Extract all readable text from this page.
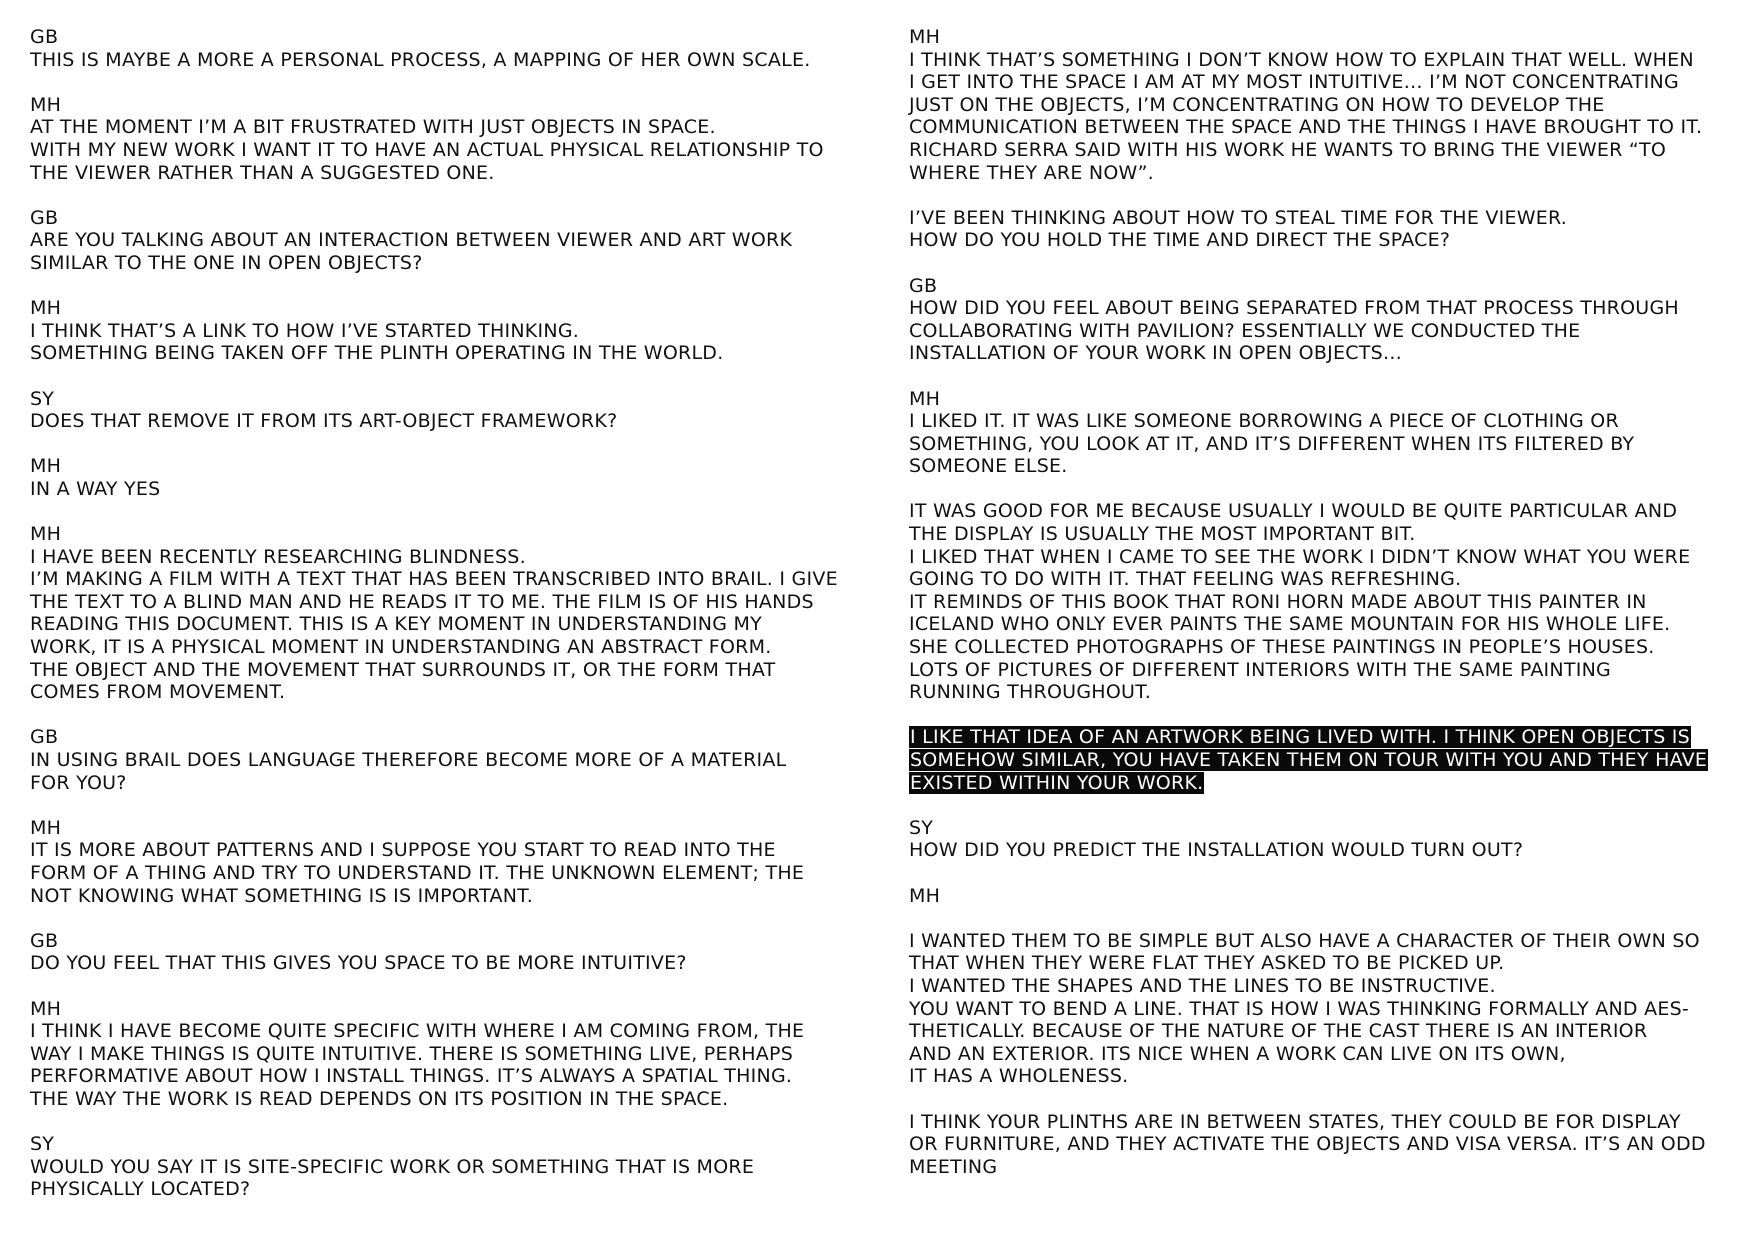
GB
THIS IS MAYBE A MORE A PERSONAL PROCESS, A MAPPING OF HER OWN SCALE.
MH
AT THE MOMENT I’M A BIT FRUSTRATED WITH JUST OBJECTS IN SPACE.
WITH MY NEW WORK I WANT IT TO HAVE AN ACTUAL PHYSICAL RELATIONSHIP TO
THE VIEWER RATHER THAN A SUGGESTED ONE.
GB
ARE YOU TALKING ABOUT AN INTERACTION BETWEEN VIEWER AND ART WORK
SIMILAR TO THE ONE IN OPEN OBJECTS?
MH
I THINK THAT’S A LINK TO HOW I’VE STARTED THINKING.
SOMETHING BEING TAKEN OFF THE PLINTH OPERATING IN THE WORLD.
SY
DOES THAT REMOVE IT FROM ITS ART-OBJECT FRAMEWORK?
MH
IN A WAY YES
MH
I HAVE BEEN RECENTLY RESEARCHING BLINDNESS.
I’M MAKING A FILM WITH A TEXT THAT HAS BEEN TRANSCRIBED INTO BRAIL. I GIVE
THE TEXT TO A BLIND MAN AND HE READS IT TO ME. THE FILM IS OF HIS HANDS
READING THIS DOCUMENT. THIS IS A KEY MOMENT IN UNDERSTANDING MY
WORK, IT IS A PHYSICAL MOMENT IN UNDERSTANDING AN ABSTRACT FORM.
THE OBJECT AND THE MOVEMENT THAT SURROUNDS IT, OR THE FORM THAT
COMES FROM MOVEMENT.
GB
IN USING BRAIL DOES LANGUAGE THEREFORE BECOME MORE OF A MATERIAL
FOR YOU?
MH
IT IS MORE ABOUT PATTERNS AND I SUPPOSE YOU START TO READ INTO THE
FORM OF A THING AND TRY TO UNDERSTAND IT. THE UNKNOWN ELEMENT; THE
NOT KNOWING WHAT SOMETHING IS IS IMPORTANT.
GB
DO YOU FEEL THAT THIS GIVES YOU SPACE TO BE MORE INTUITIVE?
MH
I THINK I HAVE BECOME QUITE SPECIFIC WITH WHERE I AM COMING FROM, THE
WAY I MAKE THINGS IS QUITE INTUITIVE. THERE IS SOMETHING LIVE, PERHAPS
PERFORMATIVE ABOUT HOW I INSTALL THINGS. IT’S ALWAYS A SPATIAL THING.
THE WAY THE WORK IS READ DEPENDS ON ITS POSITION IN THE SPACE.
SY
WOULD YOU SAY IT IS SITE-SPECIFIC WORK OR SOMETHING THAT IS MORE
PHYSICALLY LOCATED?
MH
I THINK THAT’S SOMETHING I DON’T KNOW HOW TO EXPLAIN THAT WELL. WHEN
I GET INTO THE SPACE I AM AT MY MOST INTUITIVE… I’M NOT CONCENTRATING
JUST ON THE OBJECTS, I’M CONCENTRATING ON HOW TO DEVELOP THE
COMMUNICATION BETWEEN THE SPACE AND THE THINGS I HAVE BROUGHT TO IT.
RICHARD SERRA SAID WITH HIS WORK HE WANTS TO BRING THE VIEWER “TO
WHERE THEY ARE NOW”.
I’VE BEEN THINKING ABOUT HOW TO STEAL TIME FOR THE VIEWER.
HOW DO YOU HOLD THE TIME AND DIRECT THE SPACE?
GB
HOW DID YOU FEEL ABOUT BEING SEPARATED FROM THAT PROCESS THROUGH
COLLABORATING WITH PAVILION? ESSENTIALLY WE CONDUCTED THE
INSTALLATION OF YOUR WORK IN OPEN OBJECTS…
MH
I LIKED IT. IT WAS LIKE SOMEONE BORROWING A PIECE OF CLOTHING OR
SOMETHING, YOU LOOK AT IT, AND IT’S DIFFERENT WHEN ITS FILTERED BY
SOMEONE ELSE.
IT WAS GOOD FOR ME BECAUSE USUALLY I WOULD BE QUITE PARTICULAR AND
THE DISPLAY IS USUALLY THE MOST IMPORTANT BIT.
I LIKED THAT WHEN I CAME TO SEE THE WORK I DIDN’T KNOW WHAT YOU WERE
GOING TO DO WITH IT. THAT FEELING WAS REFRESHING.
IT REMINDS OF THIS BOOK THAT RONI HORN MADE ABOUT THIS PAINTER IN
ICELAND WHO ONLY EVER PAINTS THE SAME MOUNTAIN FOR HIS WHOLE LIFE.
SHE COLLECTED PHOTOGRAPHS OF THESE PAINTINGS IN PEOPLE’S HOUSES.
LOTS OF PICTURES OF DIFFERENT INTERIORS WITH THE SAME PAINTING
RUNNING THROUGHOUT.
I LIKE THAT IDEA OF AN ARTWORK BEING LIVED WITH. I THINK OPEN OBJECTS IS
SOMEHOW SIMILAR, YOU HAVE TAKEN THEM ON TOUR WITH YOU AND THEY HAVE
EXISTED WITHIN YOUR WORK.
SY
HOW DID YOU PREDICT THE INSTALLATION WOULD TURN OUT?
MH
I WANTED THEM TO BE SIMPLE BUT ALSO HAVE A CHARACTER OF THEIR OWN SO
THAT WHEN THEY WERE FLAT THEY ASKED TO BE PICKED UP.
I WANTED THE SHAPES AND THE LINES TO BE INSTRUCTIVE.
YOU WANT TO BEND A LINE. THAT IS HOW I WAS THINKING FORMALLY AND AES-
THETICALLY. BECAUSE OF THE NATURE OF THE CAST THERE IS AN INTERIOR
AND AN EXTERIOR. ITS NICE WHEN A WORK CAN LIVE ON ITS OWN,
IT HAS A WHOLENESS.
I THINK YOUR PLINTHS ARE IN BETWEEN STATES, THEY COULD BE FOR DISPLAY
OR FURNITURE, AND THEY ACTIVATE THE OBJECTS AND VISA VERSA. IT’S AN ODD
MEETING
